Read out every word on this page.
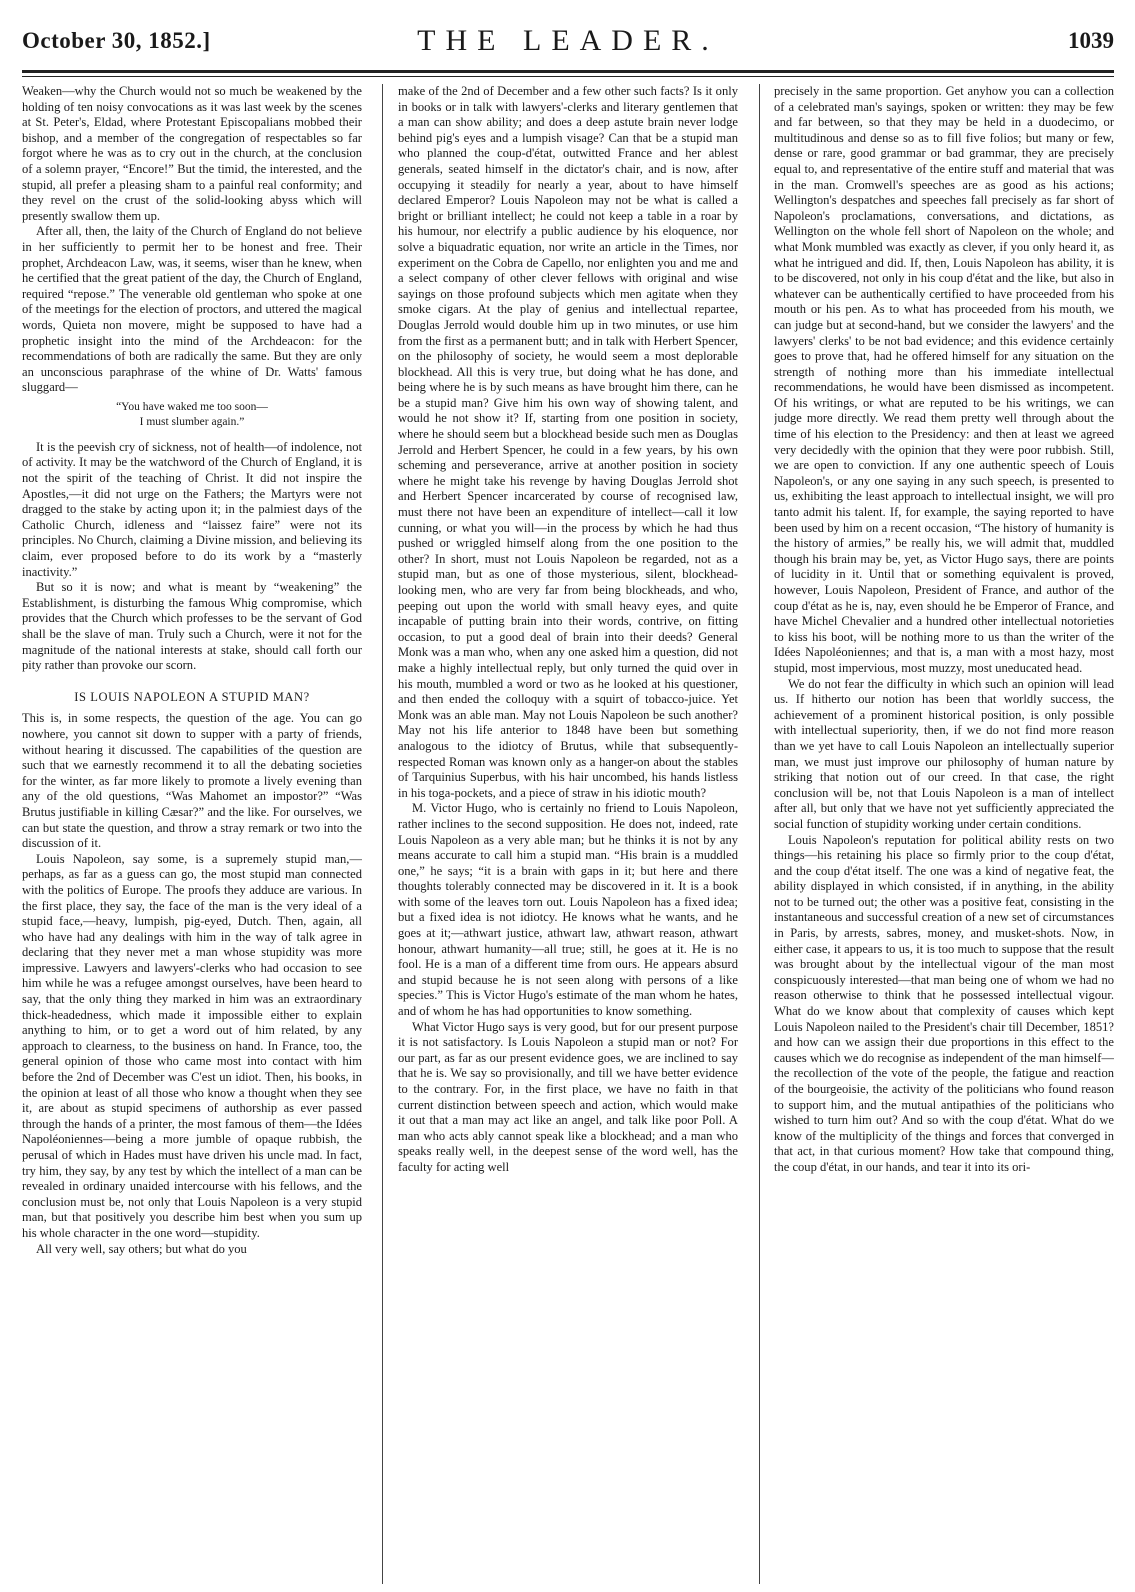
October 30, 1852.]	THE LEADER.	1039

Weaken—why the Church would not so much be weakened by the holding of ten noisy convocations as it was last week by the scenes at St. Peter's, Eldad, where Protestant Episcopalians mobbed their bishop, and a member of the congregation of respectables so far forgot where he was as to cry out in the church, at the conclusion of a solemn prayer, “Encore!” But the timid, the interested, and the stupid, all prefer a pleasing sham to a painful real conformity; and they revel on the crust of the solid-looking abyss which will presently swallow them up.

After all, then, the laity of the Church of England do not believe in her sufficiently to permit her to be honest and free. Their prophet, Archdeacon Law, was, it seems, wiser than he knew, when he certified that the great patient of the day, the Church of England, required “repose.” The venerable old gentleman who spoke at one of the meetings for the election of proctors, and uttered the magical words, Quieta non movere, might be supposed to have had a prophetic insight into the mind of the Archdeacon: for the recommendations of both are radically the same. But they are only an unconscious paraphrase of the whine of Dr. Watts' famous sluggard—

“You have waked me too soon—
I must slumber again.”

It is the peevish cry of sickness, not of health—of indolence, not of activity. It may be the watchword of the Church of England, it is not the spirit of the teaching of Christ. It did not inspire the Apostles,—it did not urge on the Fathers; the Martyrs were not dragged to the stake by acting upon it; in the palmiest days of the Catholic Church, idleness and “laissez faire” were not its principles. No Church, claiming a Divine mission, and believing its claim, ever proposed before to do its work by a “masterly inactivity.”

But so it is now; and what is meant by “weakening” the Establishment, is disturbing the famous Whig compromise, which provides that the Church which professes to be the servant of God shall be the slave of man. Truly such a Church, were it not for the magnitude of the national interests at stake, should call forth our pity rather than provoke our scorn.

IS LOUIS NAPOLEON A STUPID MAN?

This is, in some respects, the question of the age. You can go nowhere, you cannot sit down to supper with a party of friends, without hearing it discussed. The capabilities of the question are such that we earnestly recommend it to all the debating societies for the winter, as far more likely to promote a lively evening than any of the old questions, “Was Mahomet an impostor?” “Was Brutus justifiable in killing Cæsar?” and the like. For ourselves, we can but state the question, and throw a stray remark or two into the discussion of it.

Louis Napoleon, say some, is a supremely stupid man,—perhaps, as far as a guess can go, the most stupid man connected with the politics of Europe. The proofs they adduce are various. In the first place, they say, the face of the man is the very ideal of a stupid face,—heavy, lumpish, pig-eyed, Dutch. Then, again, all who have had any dealings with him in the way of talk agree in declaring that they never met a man whose stupidity was more impressive. Lawyers and lawyers'-clerks who had occasion to see him while he was a refugee amongst ourselves, have been heard to say, that the only thing they marked in him was an extraordinary thick-headedness, which made it impossible either to explain anything to him, or to get a word out of him related, by any approach to clearness, to the business on hand. In France, too, the general opinion of those who came most into contact with him before the 2nd of December was C'est un idiot. Then, his books, in the opinion at least of all those who know a thought when they see it, are about as stupid specimens of authorship as ever passed through the hands of a printer, the most famous of them—the Idées Napoléoniennes—being a more jumble of opaque rubbish, the perusal of which in Hades must have driven his uncle mad. In fact, try him, they say, by any test by which the intellect of a man can be revealed in ordinary unaided intercourse with his fellows, and the conclusion must be, not only that Louis Napoleon is a very stupid man, but that positively you describe him best when you sum up his whole character in the one word—stupidity.

All very well, say others; but what do you

make of the 2nd of December and a few other such facts? Is it only in books or in talk with lawyers'-clerks and literary gentlemen that a man can show ability; and does a deep astute brain never lodge behind pig's eyes and a lumpish visage? Can that be a stupid man who planned the coup-d'état, outwitted France and her ablest generals, seated himself in the dictator's chair, and is now, after occupying it steadily for nearly a year, about to have himself declared Emperor? Louis Napoleon may not be what is called a bright or brilliant intellect; he could not keep a table in a roar by his humour, nor electrify a public audience by his eloquence, nor solve a biquadratic equation, nor write an article in the Times, nor experiment on the Cobra de Capello, nor enlighten you and me and a select company of other clever fellows with original and wise sayings on those profound subjects which men agitate when they smoke cigars. At the play of genius and intellectual repartee, Douglas Jerrold would double him up in two minutes, or use him from the first as a permanent butt; and in talk with Herbert Spencer, on the philosophy of society, he would seem a most deplorable blockhead. All this is very true, but doing what he has done, and being where he is by such means as have brought him there, can he be a stupid man? Give him his own way of showing talent, and would he not show it? If, starting from one position in society, where he should seem but a blockhead beside such men as Douglas Jerrold and Herbert Spencer, he could in a few years, by his own scheming and perseverance, arrive at another position in society where he might take his revenge by having Douglas Jerrold shot and Herbert Spencer incarcerated by course of recognised law, must there not have been an expenditure of intellect—call it low cunning, or what you will—in the process by which he had thus pushed or wriggled himself along from the one position to the other? In short, must not Louis Napoleon be regarded, not as a stupid man, but as one of those mysterious, silent, blockhead-looking men, who are very far from being blockheads, and who, peeping out upon the world with small heavy eyes, and quite incapable of putting brain into their words, contrive, on fitting occasion, to put a good deal of brain into their deeds? General Monk was a man who, when any one asked him a question, did not make a highly intellectual reply, but only turned the quid over in his mouth, mumbled a word or two as he looked at his questioner, and then ended the colloquy with a squirt of tobacco-juice. Yet Monk was an able man. May not Louis Napoleon be such another? May not his life anterior to 1848 have been but something analogous to the idiotcy of Brutus, while that subsequently-respected Roman was known only as a hanger-on about the stables of Tarquinius Superbus, with his hair uncombed, his hands listless in his toga-pockets, and a piece of straw in his idiotic mouth?

M. Victor Hugo, who is certainly no friend to Louis Napoleon, rather inclines to the second supposition. He does not, indeed, rate Louis Napoleon as a very able man; but he thinks it is not by any means accurate to call him a stupid man. “His brain is a muddled one,” he says; “it is a brain with gaps in it; but here and there thoughts tolerably connected may be discovered in it. It is a book with some of the leaves torn out. Louis Napoleon has a fixed idea; but a fixed idea is not idiotcy. He knows what he wants, and he goes at it;—athwart justice, athwart law, athwart reason, athwart honour, athwart humanity—all true; still, he goes at it. He is no fool. He is a man of a different time from ours. He appears absurd and stupid because he is not seen along with persons of a like species.” This is Victor Hugo's estimate of the man whom he hates, and of whom he has had opportunities to know something.

What Victor Hugo says is very good, but for our present purpose it is not satisfactory. Is Louis Napoleon a stupid man or not? For our part, as far as our present evidence goes, we are inclined to say that he is. We say so provisionally, and till we have better evidence to the contrary. For, in the first place, we have no faith in that current distinction between speech and action, which would make it out that a man may act like an angel, and talk like poor Poll. A man who acts ably cannot speak like a blockhead; and a man who speaks really well, in the deepest sense of the word well, has the faculty for acting well

precisely in the same proportion. Get anyhow you can a collection of a celebrated man's sayings, spoken or written: they may be few and far between, so that they may be held in a duodecimo, or multitudinous and dense so as to fill five folios; but many or few, dense or rare, good grammar or bad grammar, they are precisely equal to, and representative of the entire stuff and material that was in the man. Cromwell's speeches are as good as his actions; Wellington's despatches and speeches fall precisely as far short of Napoleon's proclamations, conversations, and dictations, as Wellington on the whole fell short of Napoleon on the whole; and what Monk mumbled was exactly as clever, if you only heard it, as what he intrigued and did. If, then, Louis Napoleon has ability, it is to be discovered, not only in his coup d'état and the like, but also in whatever can be authentically certified to have proceeded from his mouth or his pen. As to what has proceeded from his mouth, we can judge but at second-hand, but we consider the lawyers' and the lawyers' clerks' to be not bad evidence; and this evidence certainly goes to prove that, had he offered himself for any situation on the strength of nothing more than his immediate intellectual recommendations, he would have been dismissed as incompetent. Of his writings, or what are reputed to be his writings, we can judge more directly. We read them pretty well through about the time of his election to the Presidency: and then at least we agreed very decidedly with the opinion that they were poor rubbish. Still, we are open to conviction. If any one authentic speech of Louis Napoleon's, or any one saying in any such speech, is presented to us, exhibiting the least approach to intellectual insight, we will pro tanto admit his talent. If, for example, the saying reported to have been used by him on a recent occasion, “The history of humanity is the history of armies,” be really his, we will admit that, muddled though his brain may be, yet, as Victor Hugo says, there are points of lucidity in it. Until that or something equivalent is proved, however, Louis Napoleon, President of France, and author of the coup d'état as he is, nay, even should he be Emperor of France, and have Michel Chevalier and a hundred other intellectual notorieties to kiss his boot, will be nothing more to us than the writer of the Idées Napoléoniennes; and that is, a man with a most hazy, most stupid, most impervious, most muzzy, most uneducated head.

We do not fear the difficulty in which such an opinion will lead us. If hitherto our notion has been that worldly success, the achievement of a prominent historical position, is only possible with intellectual superiority, then, if we do not find more reason than we yet have to call Louis Napoleon an intellectually superior man, we must just improve our philosophy of human nature by striking that notion out of our creed. In that case, the right conclusion will be, not that Louis Napoleon is a man of intellect after all, but only that we have not yet sufficiently appreciated the social function of stupidity working under certain conditions.

Louis Napoleon's reputation for political ability rests on two things—his retaining his place so firmly prior to the coup d'état, and the coup d'état itself. The one was a kind of negative feat, the ability displayed in which consisted, if in anything, in the ability not to be turned out; the other was a positive feat, consisting in the instantaneous and successful creation of a new set of circumstances in Paris, by arrests, sabres, money, and musket-shots. Now, in either case, it appears to us, it is too much to suppose that the result was brought about by the intellectual vigour of the man most conspicuously interested—that man being one of whom we had no reason otherwise to think that he possessed intellectual vigour. What do we know about that complexity of causes which kept Louis Napoleon nailed to the President's chair till December, 1851? and how can we assign their due proportions in this effect to the causes which we do recognise as independent of the man himself—the recollection of the vote of the people, the fatigue and reaction of the bourgeoisie, the activity of the politicians who found reason to support him, and the mutual antipathies of the politicians who wished to turn him out? And so with the coup d'état. What do we know of the multiplicity of the things and forces that converged in that act, in that curious moment? How take that compound thing, the coup d'état, in our hands, and tear it into its ori-
